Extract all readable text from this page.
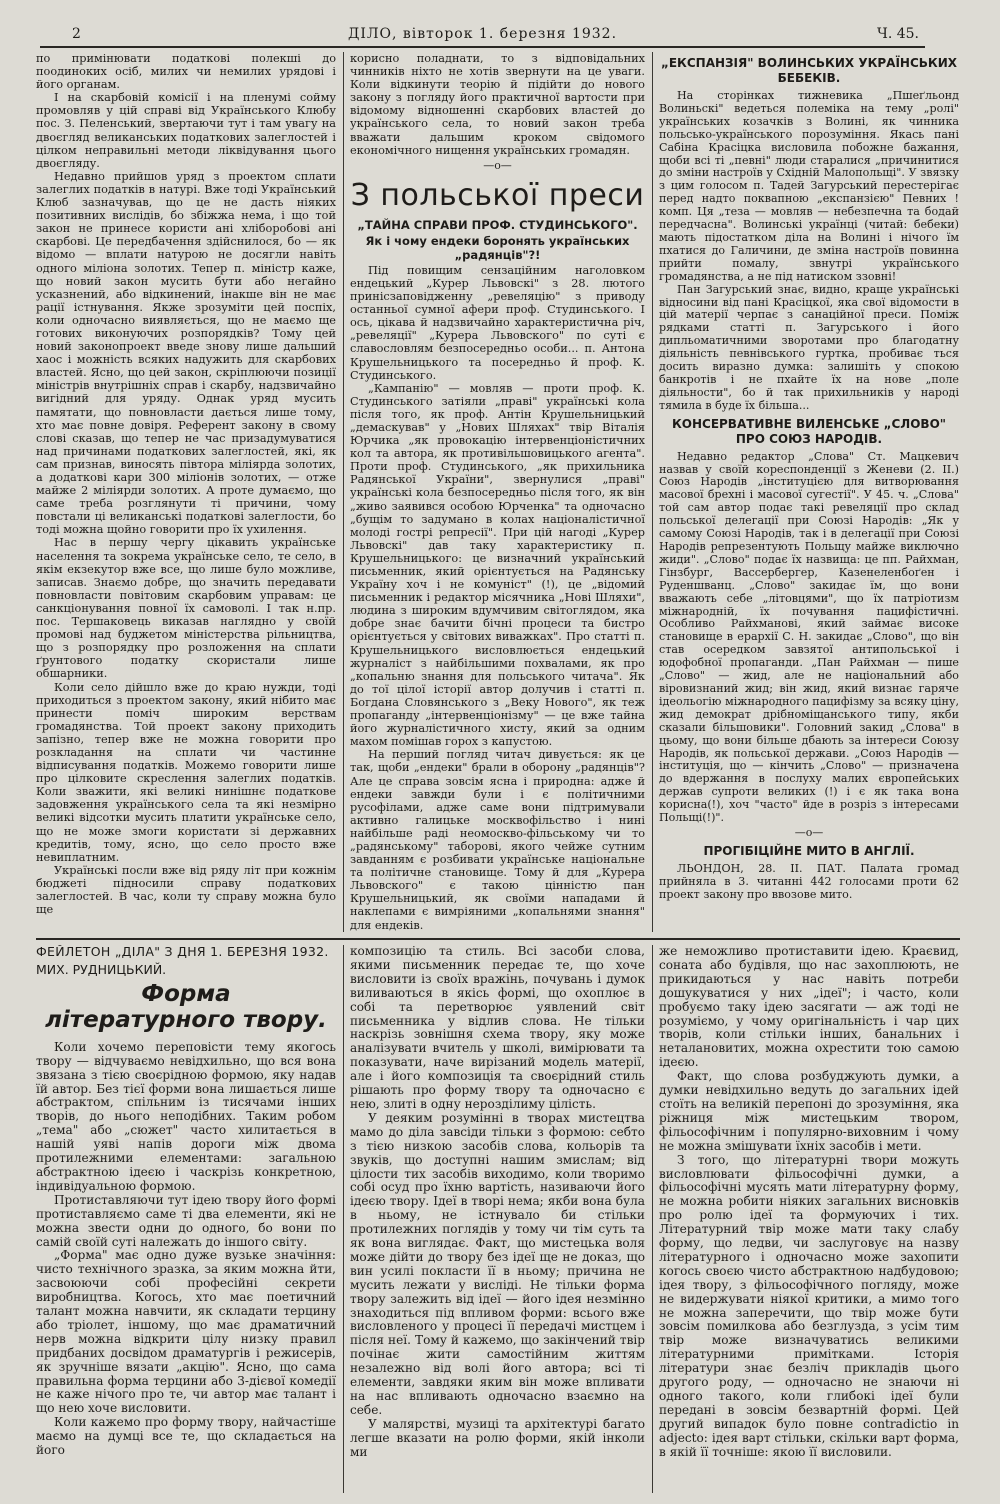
2	ДІЛО, вівторок 1. березня 1932.	Ч. 45.

по примінювати податкові полекші до поодиноких осіб, милих чи немилих урядові і його органам.

І на скарбовій комісії і на пленумі сойму промовляв у цій справі від Українського Клюбу пос. З. Пеленський, звертаючи тут і там увагу на двоєгляд великанських податкових залеглостей і цілком неправильні методи ліквідування цього двоєгляду.

Недавно прийшов уряд з проектом сплати залеглих податків в натурі. Вже тоді Український Клюб зазначував, що це не дасть ніяких позитивних вислідів, бо збіжжа нема, і що той закон не принесе користи ані хліборобові ані скарбові. Це передбачення здійснилося, бо — як відомо — вплати натурою не досягли навіть одного міліона золотих. Тепер п. міністр каже, що новий закон мусить бути або негайно усказнений, або відкинений, інакше він не має рації істнування. Якже зрозуміти цей поспіх, коли одночасно виявляється, що не маємо ще готових виконуючих розпорядків? Тому цей новий законопроект введе знову лише дальший хаос і можність всяких надужить для скарбових властей. Ясно, що цей закон, скріплюючи позиції міністрів внутрішніх справ і скарбу, надзвичайно вигідний для уряду. Однак уряд мусить памятати, що повновласти дається лише тому, хто має повне довіря. Референт закону в свому слові сказав, що тепер не час призадумуватися над причинами податкових залеглостей, які, як сам признав, виносять півтора міліярда золотих, а додаткові кари 300 міліонів золотих, — отже майже 2 міліярди золотих. А проте думаємо, що саме треба розглянути ті причини, чому повстали ці великанські податкові залеглости, бо тоді можна щойно говорити про їх ухилення.

Нас в першу чергу цікавить українське населення та зокрема українське село, те село, в якім екзекутор вже все, що лише було можливе, записав. Знаємо добре, що значить передавати повновласти повітовим скарбовим управам: це санкціонування повної їх самоволі. І так н.пр. пос. Тершаковець виказав наглядно у своїй промові над буджетом міністерства рільництва, що з розпорядку про розложення на сплати ґрунтового податку скористали лише обшарники.

Коли село дійшло вже до краю нужди, тоді приходиться з проектом закону, який нібито має принести поміч широким верствам громадянства. Той проект закону приходить запізно, тепер вже не можна говорити про розкладання на сплати чи частинне відписування податків. Можемо говорити лише про цілковите скреслення залеглих податків. Коли зважити, які великі нинішнє податкове задовження українського села та які незмірно великі відсотки мусить платити українське село, що не може змоги користати зі державних кредитів, тому, ясно, що село просто вже невиплатним.

Українські посли вже від ряду літ при кожнім бюджеті підносили справу податкових залеглостей. В час, коли ту справу можна було ще

корисно поладнати, то з відповідальних чинників ніхто не хотів звернути на це уваги. Коли відкинути теорію й підійти до нового закону з погляду його практичної вартости при відомому відношенні скарбових властей до українського села, то новий закон треба вважати дальшим кроком свідомого економічного нищення українських громадян.

—o—
З польської преси
„ТАЙНА СПРАВИ ПРОФ. СТУДИНСЬКОГО".
Як і чому ендеки боронять українських „радянців"?!

Під повищим сензаційним наголовком ендецький „Курер Львовскі" з 28. лютого принісзаповідженну „ревеляцію" з приводу останньої сумної афери проф. Студинського. І ось, цікава й надзвичайно характеристична річ, „ревеляції" „Курера Львовского" по суті є славословлям безпосередньо особи... п. Антона Крушельницького та посередньо й проф. К. Студинського.

„Кампанію" — мовляв — проти проф. К. Студинського затіяли „праві" українські кола після того, як проф. Антін Крушельницький „демаскував" у „Нових Шляхах" твір Віталія Юрчика „як провокацію інтервенціоністичних кол та автора, як противільшовицького агента". Проти проф. Студинського, „як прихильника Радянської України", звернулися „праві" українські кола безпосередньо після того, як він „живо заявився особою Юрченка" та одночасно „бущім то задумано в колах націоналістичної молоді гострі репресії". При цій нагоді „Курер Львовскі" дав таку характеристику п. Крушельницького: це визначний український письменник, який орієнтується на Радянську Україну хоч і не комуніст" (!), це „відомий письменник і редактор місячника „Нові Шляхи", людина з широким вдумчивим світоглядом, яка добре знає бачити бічні процеси та бистро орієнтується у світових виважках". Про статті п. Крушельницького висловлюється ендецький журналіст з найбільшими похвалами, як про „копальню знання для польського читача". Як до тої цілої історії автор долучив і статті п. Богдана Словянського з „Веку Нового", як теж пропаганду „інтервенціонізму" — це вже тайна його журналістичного хисту, який за одним махом помішав горох з капустою.

На перший погляд читач дивується: як це так, щоби „ендеки" брали в оборону „радянців"? Але це справа зовсім ясна і природна: адже й ендеки завжди були і є політичними русофілами, адже саме вони підтримували активно галицьке москвофільство і нині найбільше раді неомоскво-фільському чи то „радянському" таборові, якого чейже сутним завданням є розбивати українське національне та політичне становище. Тому й для „Курера Львовского" є такою цінністю пан Крушельницький, як своїми нападами й наклепами є вимріяними „копальнями знання" для ендеків.

„ЕКСПАНЗІЯ" ВОЛИНСЬКИХ УКРАЇНСЬКИХ БЕБЕКІВ.

На сторінках тижневика „Пшеґльонд Волиньскі" ведеться полеміка на тему „ролі" українських козачків з Волині, як чинника польсько-українського порозуміння. Якась пані Сабіна Красіцка висловила побожне бажання, щоби всі ті „певні" люди старалися „причинитися до зміни настроїв у Східній Малопольщі". У звязку з цим голосом п. Тадей Загурський перестерігає перед надто поквапною „експанзією" Певних ! комп. Ця „теза — мовляв — небезпечна та бодай передчасна". Волинські українці (читай: бебеки) мають підостатком діла на Волині і нічого їм пхатися до Галичини, де зміна настроїв повинна прийти помалу, звнутрі українського громадянства, а не під натиском ззовні!

Пан Загурський знає, видно, краще українські відносини від пані Красіцкої, яка свої відомости в цій матерії черпає з санаційної преси. Поміж рядками статті п. Загурського і його дипльоматичними зворотами про благодатну діяльність певнівського гуртка, пробиває ться досить виразно думка: залишіть у спокою банкротів і не пхайте їх на нове „поле діяльности", бо й так прихильників у народі тямила в буде їх більша...

КОНСЕРВАТИВНЕ ВИЛЕНСЬКЕ „СЛОВО" ПРО СОЮЗ НАРОДІВ.

Недавно редактор „Слова" Ст. Мацкевич назвав у своїй кореспонденції з Женеви (2. ІІ.) Союз Народів „інституцією для витворювання масової брехні і масової сугестії". У 45. ч. „Слова" той сам автор подає такі ревеляції про склад польської делегації при Союзі Народів: „Як у самому Союзі Народів, так і в делегації при Союзі Народів репрезентують Польщу майже виключно жиди". „Слово" подає їх назвища: це пп. Райхман, Гінзбург, Вассербергер, Казенеленбоґен і Руденшванц. „Слово" закидає їм, що вони вважають себе „літовцями", що їх патріотизм міжнародній, їх почування пацифістичні. Особливо Райхманові, який займає високе становище в ерархії С. Н. закидає „Слово", що він став осередком завзятої антипольської і юдофобної пропаганди. „Пан Райхман — пише „Слово" — жид, але не національний або віровизнаний жид; він жид, який визнає гаряче ідеольогію міжнародного пацифізму за всяку ціну, жид демократ дрібноміщанського типу, якби сказали більшовики". Головний закид „Слова" в цьому, що вони більше дбають за інтереси Союзу Народів, як польської держави. „Союз Народів — інституція, що — кінчить „Слово" — призначена до вдержання в послуху малих європейських держав супроти великих (!) і є як така вона корисна(!), хоч "часто" йде в розріз з інтересами Польщі(!)".

—o—
ПРОГІБІЦІЙНЕ МИТО В АНГЛІЇ.

ЛЬОНДОН, 28. ІІ. ПАТ. Палата громад прийняла в 3. читанні 442 голосами проти 62 проект закону про ввозове мито.

ФЕЙЛЕТОН „ДІЛА" З ДНЯ 1. БЕРЕЗНЯ 1932.
МИХ. РУДНИЦЬКИЙ.
Форма
літературного твору.

Коли хочемо переповісти тему якогось твору — відчуваємо невідхильно, що вся вона звязана з тією своєрідною формою, яку надав їй автор. Без тієї форми вона лишається лише абстрактом, спільним із тисячами інших творів, до нього неподібних. Таким робом „тема" або „сюжет" часто хилитається в нашій уяві напів дороги між двома протилежними елементами: загальною абстрактною ідеєю і часкрізь конкретною, індивідуальною формою.

Протиставляючи тут ідею твору його формі протиставляємо саме ті два елементи, які не можна звести одни до одного, бо вони по самій своїй суті належать до іншого світу.

„Форма" має одно дуже вузьке значіння: чисто технічного зразка, за яким можна йти, засвоюючи собі професійні секрети виробництва. Когось, хто має поетичний талант можна навчити, як складати терцину або тріолет, іншому, що має драматичний нерв можна відкрити цілу низку правил придбаних досвідом драматургів і режисерів, як зручніше вязати „акцію". Ясно, що сама правильна форма терцини або 3-дієвої комедії не каже нічого про те, чи автор має талант і що нею хоче висловити.

Коли кажемо про форму твору, найчастіше маємо на думці все те, що складається на його

композицію та стиль. Всі засоби слова, якими письменник передає те, що хоче висловити із своїх вражінь, почувань і думок виливаються в якісь формі, що охоплює в собі та перетворює уявлений світ письменника у відлив слова. Не тільки наскрізь зовнішня схема твору, яку може аналізувати вчитель у школі, вимірювати та показувати, наче вирізаний модель матерії, але і його композиція та своєрідний стиль рішають про форму твору та одночасно є нею, злиті в одну нерозділиму цілість.

У деяким розумінні в творах мистецтва мамо до діла завсіди тільки з формою: себто з тією низкою засобів слова, кольорів та звуків, що доступні нашим змислам; від цілости тих засобів виходимо, коли творимо собі осуд про їхню вартість, називаючи його ідеєю твору. Ідеї в творі нема; якби вона була в ньому, не істнувало би стільки протилежних поглядів у тому чи тім суть та як вона виглядає. Факт, що мистецька воля може дійти до твору без ідеї ще не доказ, що вин усилі покласти її в ньому; причина не мусить лежати у висліді. Не тільки форма твору залежить від ідеї — його ідея незмінно знаходиться під впливом форми: всього вже висловленого у процесі її передачі мистцем і після неї. Тому й кажемо, що закінчений твір почінає жити самостійним життям незалежно від волі його автора; всі ті елементи, завдяки яким він може впливати на нас впливають одночасно взаємно на себе.

У малярстві, музиці та архітектурі багато легше вказати на ролю форми, якій інколи ми

же неможливо протиставити ідею. Краєвид, соната або будівля, що нас захоплюють, не прикидаються у нас навіть потреби дошукуватися у них „ідеї"; і часто, коли пробуємо таку ідею засягати — аж тоді не розуміємо, у чому оригінальність і чар цих творів, коли стільки інших, банальних і неталановитих, можна охрестити тою самою ідеєю.

Факт, що слова розбуджують думки, а думки невідхильно ведуть до загальних ідей стоїть на великій перепоні до зрозуміння, яка ріжниця між мистецьким твором, фільософічним і популярно-виховним і чому не можна змішувати їхніх засобів і мети.

З того, що літературні твори можуть висловлювати фільософічні думки, а фільософічні мусять мати літературну форму, не можна робити ніяких загальних висновків про ролю ідеї та формуючих і тих. Літературний твір може мати таку слабу форму, що ледви, чи заслуговує на назву літературного і одночасно може захопити когось своєю чисто абстрактною надбудовою; ідея твору, з фільософічного погляду, може не видержувати ніякої критики, а мимо того не можна заперечити, що твір може бути зовсім помилкова або безглузда, з усім тим твір може визначуватись великими літературними примітками. Історія літератури знає безліч прикладів цього другого роду, — одночасно не знаючи ні одного такого, коли глибокі ідеї були передані в зовсім безвартній формі. Цей другий випадок було повне contradictio in adjecto: ідея варт стільки, скільки варт форма, в якій її точніше: якою її висловили.
